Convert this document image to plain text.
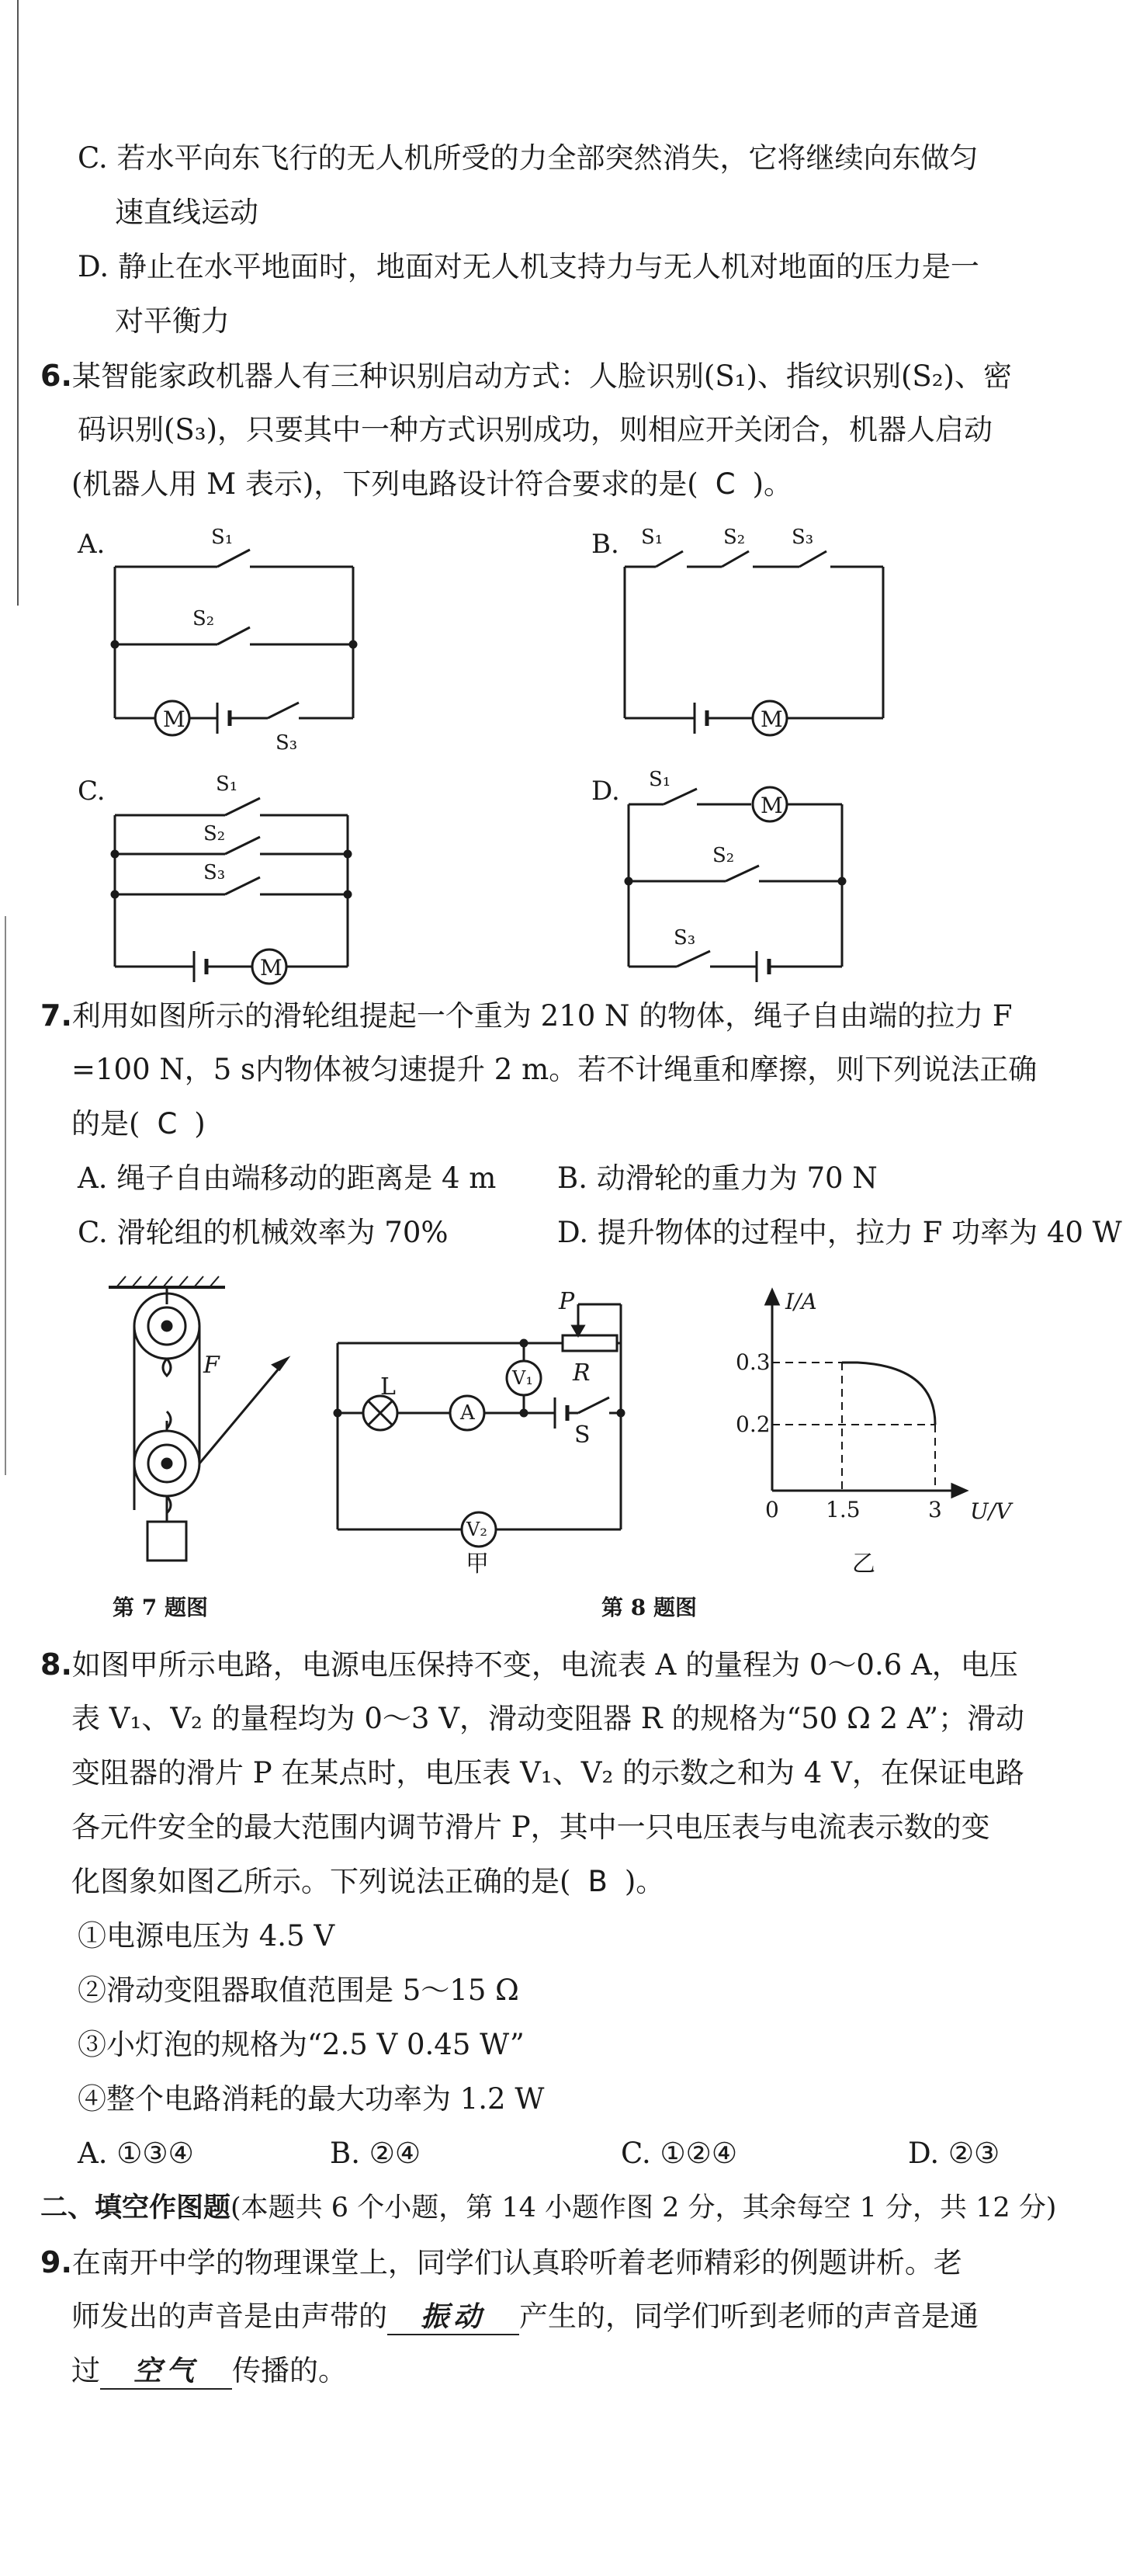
C. 若水平向东飞行的无人机所受的力全部突然消失，它将继续向东做匀
速直线运动
D. 静止在水平地面时，地面对无人机支持力与无人机对地面的压力是一
对平衡力
6.某智能家政机器人有三种识别启动方式：人脸识别(S₁)、指纹识别(S₂)、密
码识别(S₃)，只要其中一种方式识别成功，则相应开关闭合，机器人启动
(机器人用 M 表示)，下列电路设计符合要求的是( C )。
A.	S₁
S₂
M
S₃
B. S₁	S₂ S₃
M
C.	S₁
S₂
S₃
M
D. S₁
M
S₂
S₃
7.利用如图所示的滑轮组提起一个重为 210 N 的物体，绳子自由端的拉力 F
=100 N，5 s内物体被匀速提升 2 m。若不计绳重和摩擦，则下列说法正确
的是( C )
A. 绳子自由端移动的距离是 4 m B. 动滑轮的重力为 70 N
C. 滑轮组的机械效率为 70%	D. 提升物体的过程中，拉力 F 功率为 40 W
F
第 7 题图
P
R
L
A
V₁
S
V₂
甲
I/A
U/V
0.3
0.2
0 1.5	3
乙
第 8 题图
8.如图甲所示电路，电源电压保持不变，电流表 A 的量程为 0～0.6 A，电压
表 V₁、V₂ 的量程均为 0～3 V，滑动变阻器 R 的规格为“50 Ω 2 A”；滑动
变阻器的滑片 P 在某点时，电压表 V₁、V₂ 的示数之和为 4 V，在保证电路
各元件安全的最大范围内调节滑片 P，其中一只电压表与电流表示数的变
化图象如图乙所示。下列说法正确的是( B )。
①电源电压为 4.5 V
②滑动变阻器取值范围是 5～15 Ω
③小灯泡的规格为“2.5 V 0.45 W”
④整个电路消耗的最大功率为 1.2 W
A. ①③④	B. ②④	C. ①②④	D. ②③
二、填空作图题(本题共 6 个小题，第 14 小题作图 2 分，其余每空 1 分，共 12 分)
9.在南开中学的物理课堂上，同学们认真聆听着老师精彩的例题讲析。老
师发出的声音是由声带的 振动 产生的，同学们听到老师的声音是通
过 空气 传播的。
